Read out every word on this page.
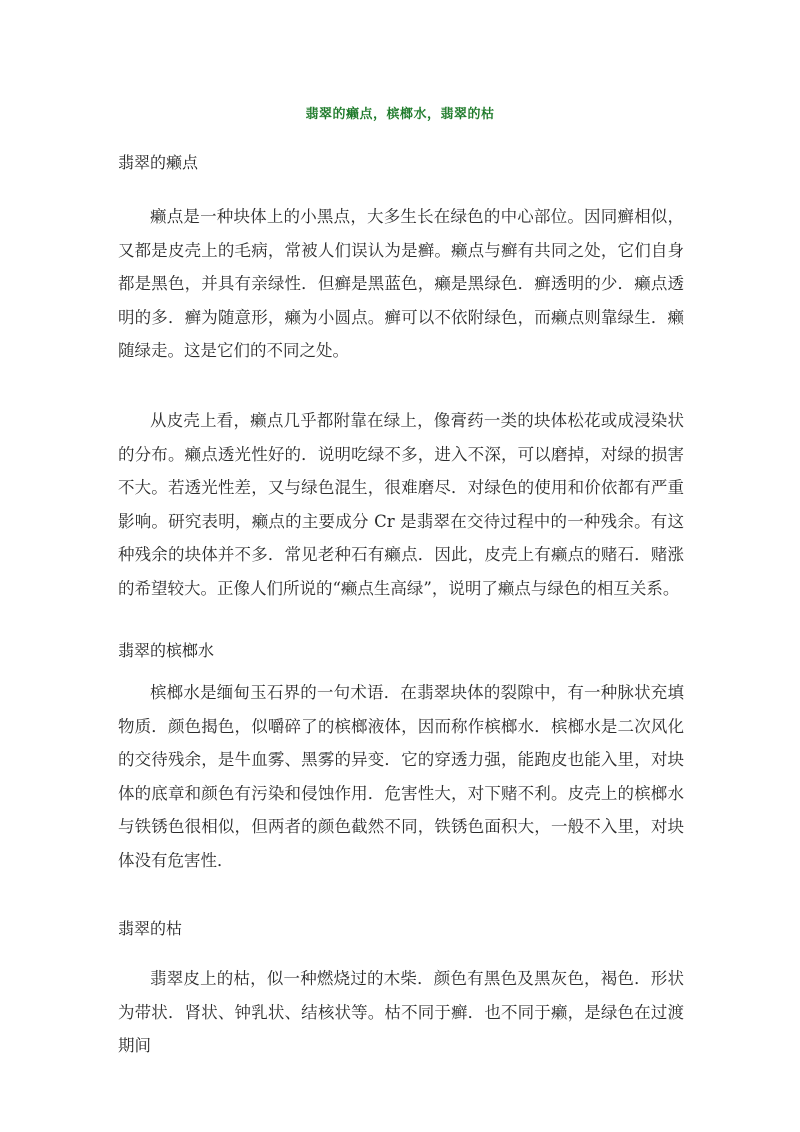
翡翠的癞点，槟榔水，翡翠的枯
翡翠的癞点

癞点是一种块体上的小黑点，大多生长在绿色的中心部位。因同癣相似，又都是皮壳上的毛病，常被人们误认为是癣。癞点与癣有共同之处，它们自身都是黑色，并具有亲绿性．但癣是黑蓝色，癞是黑绿色．癣透明的少．癞点透明的多．癣为随意形，癞为小圆点。癣可以不依附绿色，而癞点则靠绿生．癞随绿走。这是它们的不同之处。

从皮壳上看，癞点几乎都附靠在绿上，像膏药一类的块体松花或成浸染状的分布。癞点透光性好的．说明吃绿不多，进入不深，可以磨掉，对绿的损害不大。若透光性差，又与绿色混生，很难磨尽．对绿色的使用和价依都有严重影响。研究表明，癞点的主要成分 Cr 是翡翠在交待过程中的一种残余。有这种残余的块体并不多．常见老种石有癞点．因此，皮壳上有癞点的赌石．赌涨的希望较大。正像人们所说的“癞点生高绿”，说明了癞点与绿色的相互关系。

翡翠的槟榔水

槟榔水是缅甸玉石界的一句术语．在翡翠块体的裂隙中，有一种脉状充填物质．颜色揭色，似嚼碎了的槟榔液体，因而称作槟榔水．槟榔水是二次风化的交待残余，是牛血雾、黑雾的异变．它的穿透力强，能跑皮也能入里，对块体的底章和颜色有污染和侵蚀作用．危害性大，对下赌不利。皮壳上的槟榔水与铁锈色很相似，但两者的颜色截然不同，铁锈色面积大，一般不入里，对块体没有危害性．

翡翠的枯

翡翠皮上的枯，似一种燃烧过的木柴．颜色有黑色及黑灰色，褐色．形状为带状．肾状、钟乳状、结核状等。枯不同于癣．也不同于癞，是绿色在过渡期间
